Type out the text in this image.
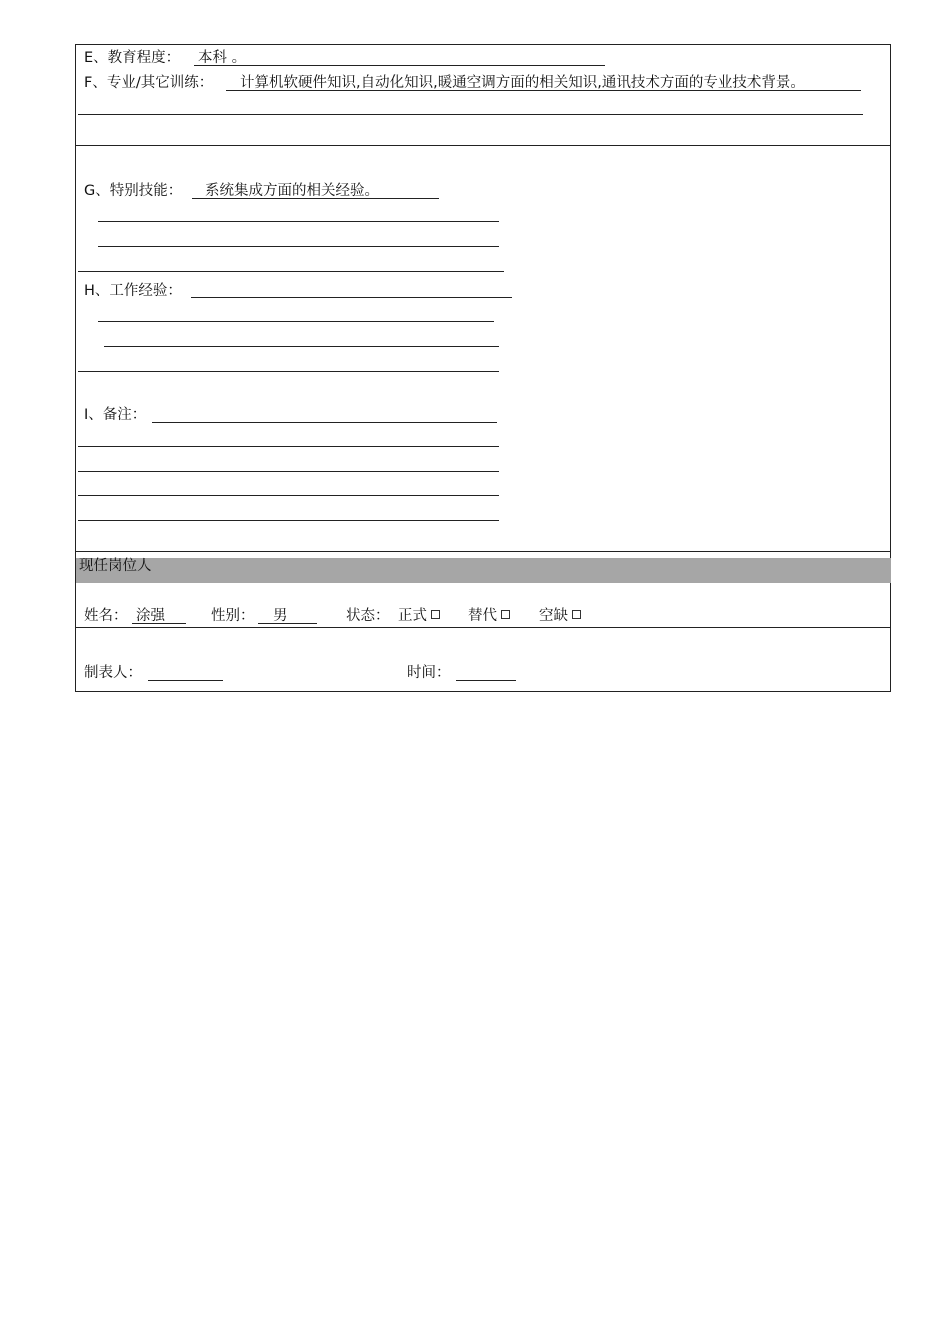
E、教育程度： 本科 。
F、专业/其它训练： 计算机软硬件知识,自动化知识,暖通空调方面的相关知识,通讯技术方面的专业技术背景。
G、特别技能： 系统集成方面的相关经验。
H、工作经验：
I、备注：
现任岗位人
姓名： 涂强	性别： 男	状态： 正式	替代	空缺
制表人：	时间：
